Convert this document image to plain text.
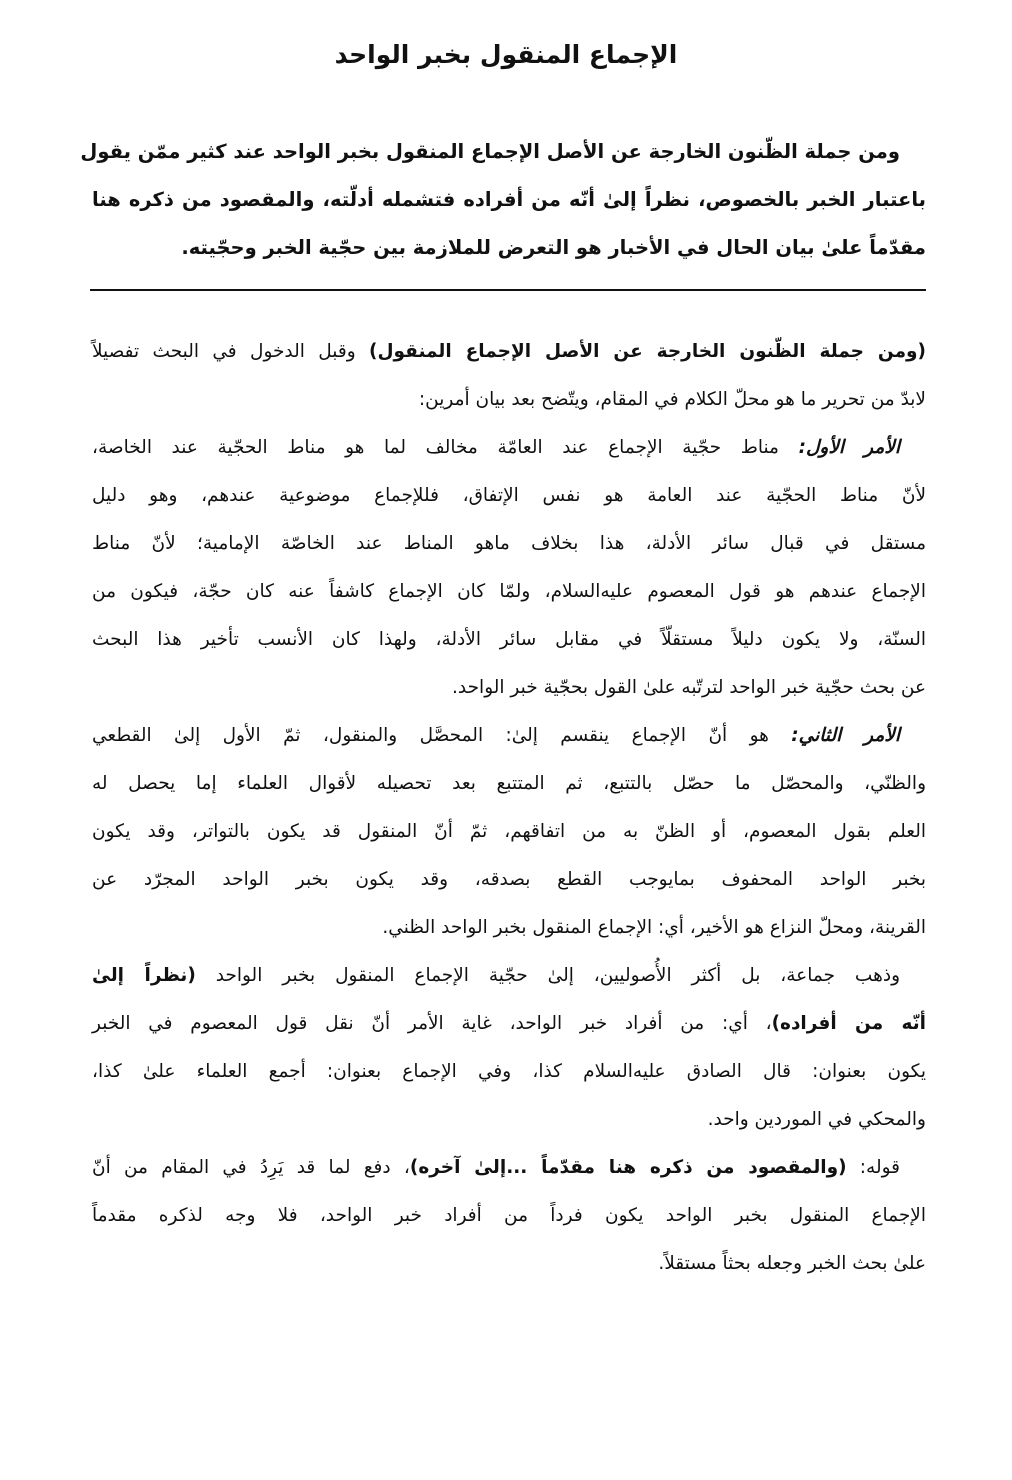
الإجماع المنقول بخبر الواحد
ومن جملة الظّنون الخارجة عن الأصل الإجماع المنقول بخبر الواحد عند كثير ممّن يقول
باعتبار الخبر بالخصوص، نظراً إلىٰ أنّه من أفراده فتشمله أدلّته، والمقصود من ذكره هنا
مقدّماً علىٰ بيان الحال في الأخبار هو التعرض للملازمة بين حجّية الخبر وحجّيته.
(ومن جملة الظّنون الخارجة عن الأصل الإجماع المنقول) وقبل الدخول في البحث تفصيلاً
لابدّ من تحرير ما هو محلّ الكلام في المقام، ويتّضح بعد بيان أمرين:
الأمر الأول: مناط حجّية الإجماع عند العامّة مخالف لما هو مناط الحجّية عند الخاصة،
لأنّ مناط الحجّية عند العامة هو نفس الإتفاق، فللإجماع موضوعية عندهم، وهو دليل
مستقل في قبال سائر الأدلة، هذا بخلاف ماهو المناط عند الخاصّة الإمامية؛ لأنّ مناط
الإجماع عندهم هو قول المعصوم عليه‌السلام، ولمّا كان الإجماع كاشفاً عنه كان حجّة، فيكون من
السنّة، ولا يكون دليلاً مستقلّاً في مقابل سائر الأدلة، ولهذا كان الأنسب تأخير هذا البحث
عن بحث حجّية خبر الواحد لترتّبه علىٰ القول بحجّية خبر الواحد.
الأمر الثاني: هو أنّ الإجماع ينقسم إلىٰ: المحصَّل والمنقول، ثمّ الأول إلىٰ القطعي
والظنّي، والمحصّل ما حصّل بالتتبع، ثم المتتبع بعد تحصيله لأقوال العلماء إما يحصل له
العلم بقول المعصوم، أو الظنّ به من اتفاقهم، ثمّ أنّ المنقول قد يكون بالتواتر، وقد يكون
بخبر الواحد المحفوف بمايوجب القطع بصدقه، وقد يكون بخبر الواحد المجرّد عن
القرينة، ومحلّ النزاع هو الأخير، أي: الإجماع المنقول بخبر الواحد الظني.
وذهب جماعة، بل أكثر الأُصوليين، إلىٰ حجّية الإجماع المنقول بخبر الواحد (نظراً إلىٰ
أنّه من أفراده)، أي: من أفراد خبر الواحد، غاية الأمر أنّ نقل قول المعصوم في الخبر
يكون بعنوان: قال الصادق عليه‌السلام كذا، وفي الإجماع بعنوان: أجمع العلماء علىٰ كذا،
والمحكي في الموردين واحد.
قوله: (والمقصود من ذكره هنا مقدّماً ...إلىٰ آخره)، دفع لما قد يَرِدُ في المقام من أنّ
الإجماع المنقول بخبر الواحد يكون فرداً من أفراد خبر الواحد، فلا وجه لذكره مقدماً
علىٰ بحث الخبر وجعله بحثاً مستقلاً.
